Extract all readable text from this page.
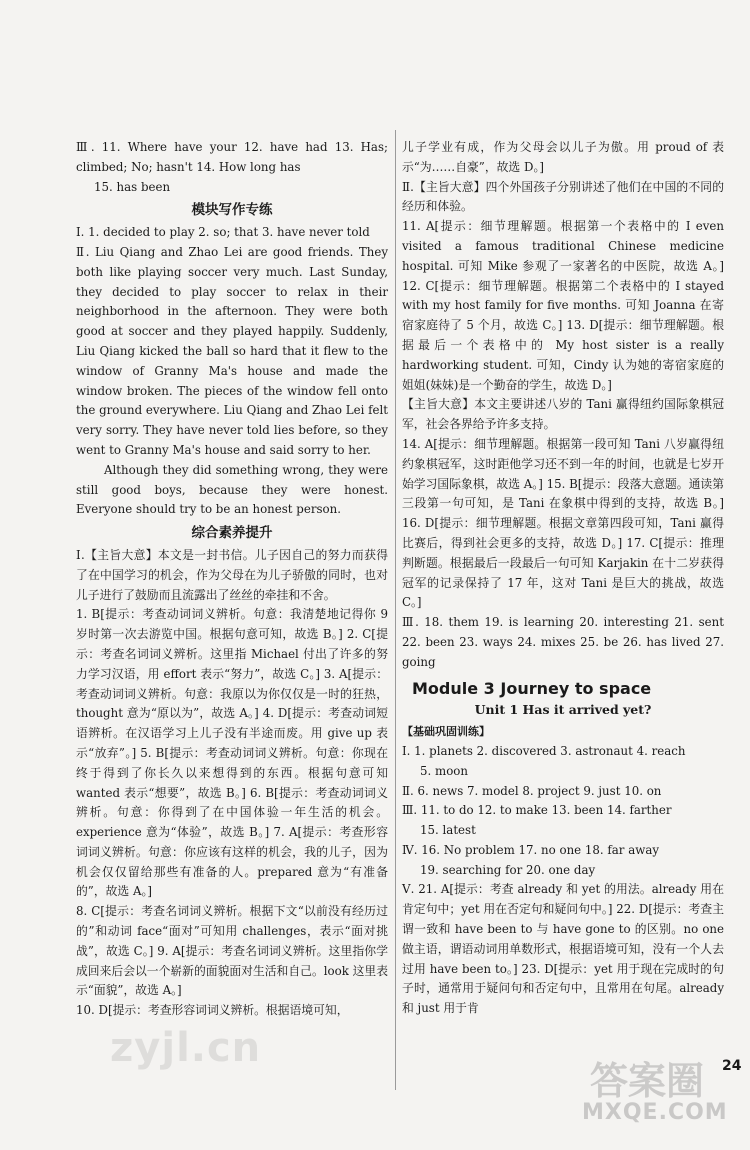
Ⅲ. 11. Where have your 12. have had 13. Has; climbed; No; hasn't 14. How long has

15. has been

模块写作专练

Ⅰ. 1. decided to play 2. so; that 3. have never told

Ⅱ. Liu Qiang and Zhao Lei are good friends. They both like playing soccer very much. Last Sunday, they decided to play soccer to relax in their neighborhood in the afternoon. They were both good at soccer and they played happily. Suddenly, Liu Qiang kicked the ball so hard that it flew to the window of Granny Ma's house and made the window broken. The pieces of the window fell onto the ground everywhere. Liu Qiang and Zhao Lei felt very sorry. They have never told lies before, so they went to Granny Ma's house and said sorry to her.

Although they did something wrong, they were still good boys, because they were honest. Everyone should try to be an honest person.

综合素养提升

Ⅰ.【主旨大意】本文是一封书信。儿子因自己的努力而获得了在中国学习的机会，作为父母在为儿子骄傲的同时，也对儿子进行了鼓励而且流露出了丝丝的牵挂和不舍。

1. B[提示：考查动词词义辨析。句意：我清楚地记得你 9 岁时第一次去游览中国。根据句意可知，故选 B。] 2. C[提示：考查名词词义辨析。这里指 Michael 付出了许多的努力学习汉语，用 effort 表示“努力”，故选 C。] 3. A[提示：考查动词词义辨析。句意：我原以为你仅仅是一时的狂热，thought 意为“原以为”，故选 A。] 4. D[提示：考查动词短语辨析。在汉语学习上儿子没有半途而废。用 give up 表示“放弃”。] 5. B[提示：考查动词词义辨析。句意：你现在终于得到了你长久以来想得到的东西。根据句意可知 wanted 表示“想要”，故选 B。] 6. B[提示：考查动词词义辨析。句意：你得到了在中国体验一年生活的机会。experience 意为“体验”，故选 B。] 7. A[提示：考查形容词词义辨析。句意：你应该有这样的机会，我的儿子，因为机会仅仅留给那些有准备的人。prepared 意为“有准备的”，故选 A。]

8. C[提示：考查名词词义辨析。根据下文“以前没有经历过的”和动词 face“面对”可知用 challenges，表示“面对挑战”，故选 C。] 9. A[提示：考查名词词义辨析。这里指你学成回来后会以一个崭新的面貌面对生活和自己。look 这里表示“面貌”，故选 A。]

10. D[提示：考查形容词词义辨析。根据语境可知，

儿子学业有成，作为父母会以儿子为傲。用 proud of 表示“为……自豪”，故选 D。]

Ⅱ.【主旨大意】四个外国孩子分别讲述了他们在中国的不同的经历和体验。

11. A[提示：细节理解题。根据第一个表格中的 I even visited a famous traditional Chinese medicine hospital. 可知 Mike 参观了一家著名的中医院，故选 A。] 12. C[提示：细节理解题。根据第二个表格中的 I stayed with my host family for five months. 可知 Joanna 在寄宿家庭待了 5 个月，故选 C。] 13. D[提示：细节理解题。根据最后一个表格中的 My host sister is a really hardworking student. 可知，Cindy 认为她的寄宿家庭的姐姐(妹妹)是一个勤奋的学生，故选 D。]

【主旨大意】本文主要讲述八岁的 Tani 赢得纽约国际象棋冠军，社会各界给予许多支持。

14. A[提示：细节理解题。根据第一段可知 Tani 八岁赢得纽约象棋冠军，这时距他学习还不到一年的时间，也就是七岁开始学习国际象棋，故选 A。] 15. B[提示：段落大意题。通读第三段第一句可知，是 Tani 在象棋中得到的支持，故选 B。] 16. D[提示：细节理解题。根据文章第四段可知，Tani 赢得比赛后，得到社会更多的支持，故选 D。] 17. C[提示：推理判断题。根据最后一段最后一句可知 Karjakin 在十二岁获得冠军的记录保持了 17 年，这对 Tani 是巨大的挑战，故选 C。]

Ⅲ. 18. them 19. is learning 20. interesting 21. sent 22. been 23. ways 24. mixes 25. be 26. has lived 27. going

Module 3 Journey to space
Unit 1 Has it arrived yet?

【基础巩固训练】

Ⅰ. 1. planets 2. discovered 3. astronaut 4. reach

5. moon

Ⅱ. 6. news 7. model 8. project 9. just 10. on

Ⅲ. 11. to do 12. to make 13. been 14. farther

15. latest

Ⅳ. 16. No problem 17. no one 18. far away

19. searching for 20. one day

Ⅴ. 21. A[提示：考查 already 和 yet 的用法。already 用在肯定句中；yet 用在否定句和疑问句中。] 22. D[提示：考查主谓一致和 have been to 与 have gone to 的区别。no one 做主语，谓语动词用单数形式，根据语境可知，没有一个人去过用 have been to。] 23. D[提示：yet 用于现在完成时的句子时，通常用于疑问句和否定句中，且常用在句尾。already 和 just 用于肯

zyjl.cn
答案圈
MXQE.COM
24
